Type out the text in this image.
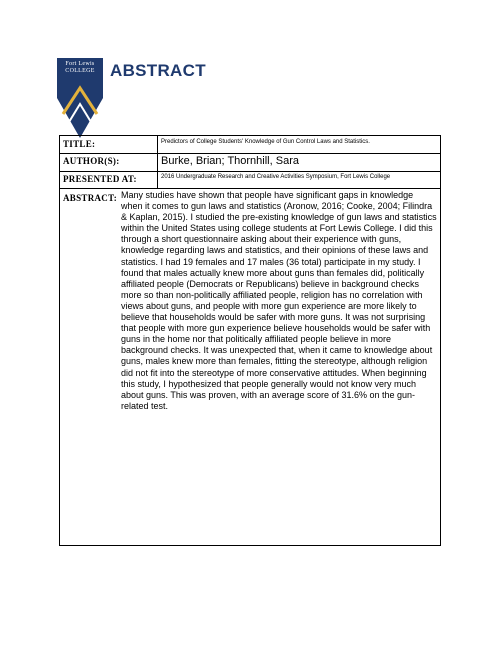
Fort Lewis
COLLEGE ABSTRACT
TITLE:	Predictors of College Students' Knowledge of Gun Control Laws and Statistics.
AUTHOR(S):	Burke, Brian; Thornhill, Sara
PRESENTED AT:	2016 Undergraduate Research and Creative Activities Symposium, Fort Lewis College
ABSTRACT: Many studies have shown that people have significant gaps in knowledge when it comes to gun laws and statistics (Aronow, 2016; Cooke, 2004; Filindra & Kaplan, 2015). I studied the pre-existing knowledge of gun laws and statistics within the United States using college students at Fort Lewis College. I did this through a short questionnaire asking about their experience with guns, knowledge regarding laws and statistics, and their opinions of these laws and statistics. I had 19 females and 17 males (36 total) participate in my study. I found that males actually knew more about guns than females did, politically affiliated people (Democrats or Republicans) believe in background checks more so than non-politically affiliated people, religion has no correlation with views about guns, and people with more gun experience are more likely to believe that households would be safer with more guns. It was not surprising that people with more gun experience believe households would be safer with guns in the home nor that politically affiliated people believe in more background checks. It was unexpected that, when it came to knowledge about guns, males knew more than females, fitting the stereotype, although religion did not fit into the stereotype of more conservative attitudes. When beginning this study, I hypothesized that people generally would not know very much about guns. This was proven, with an average score of 31.6% on the gun-related test.
